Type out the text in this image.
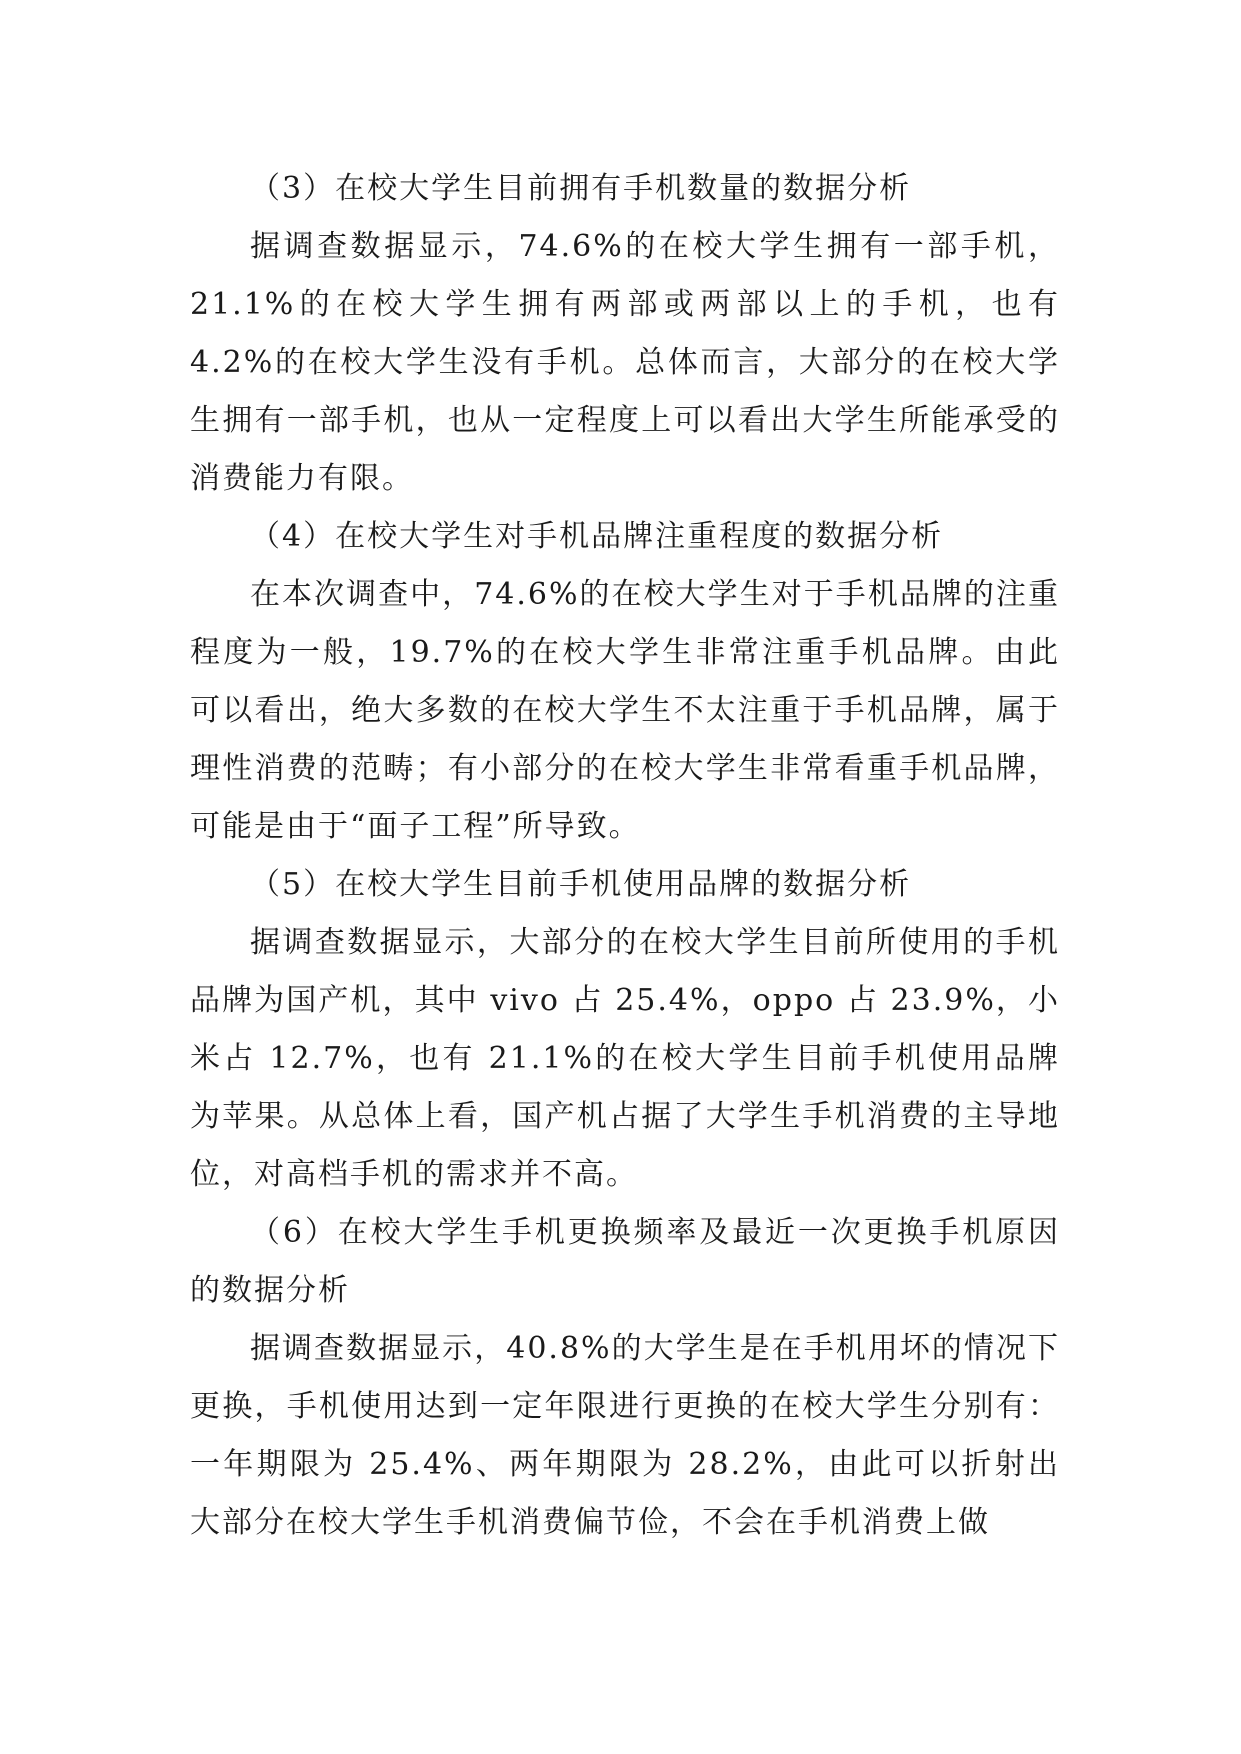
（3）在校大学生目前拥有手机数量的数据分析

据调查数据显示，74.6%的在校大学生拥有一部手机，21.1%的在校大学生拥有两部或两部以上的手机，也有 4.2%的在校大学生没有手机。总体而言，大部分的在校大学生拥有一部手机，也从一定程度上可以看出大学生所能承受的消费能力有限。

（4）在校大学生对手机品牌注重程度的数据分析

在本次调查中，74.6%的在校大学生对于手机品牌的注重程度为一般，19.7%的在校大学生非常注重手机品牌。由此可以看出，绝大多数的在校大学生不太注重于手机品牌，属于理性消费的范畴；有小部分的在校大学生非常看重手机品牌，可能是由于“面子工程”所导致。

（5）在校大学生目前手机使用品牌的数据分析

据调查数据显示，大部分的在校大学生目前所使用的手机品牌为国产机，其中 vivo 占 25.4%，oppo 占 23.9%，小米占 12.7%，也有 21.1%的在校大学生目前手机使用品牌为苹果。从总体上看，国产机占据了大学生手机消费的主导地位，对高档手机的需求并不高。

（6）在校大学生手机更换频率及最近一次更换手机原因的数据分析

据调查数据显示，40.8%的大学生是在手机用坏的情况下更换，手机使用达到一定年限进行更换的在校大学生分别有：一年期限为 25.4%、两年期限为 28.2%，由此可以折射出大部分在校大学生手机消费偏节俭，不会在手机消费上做
